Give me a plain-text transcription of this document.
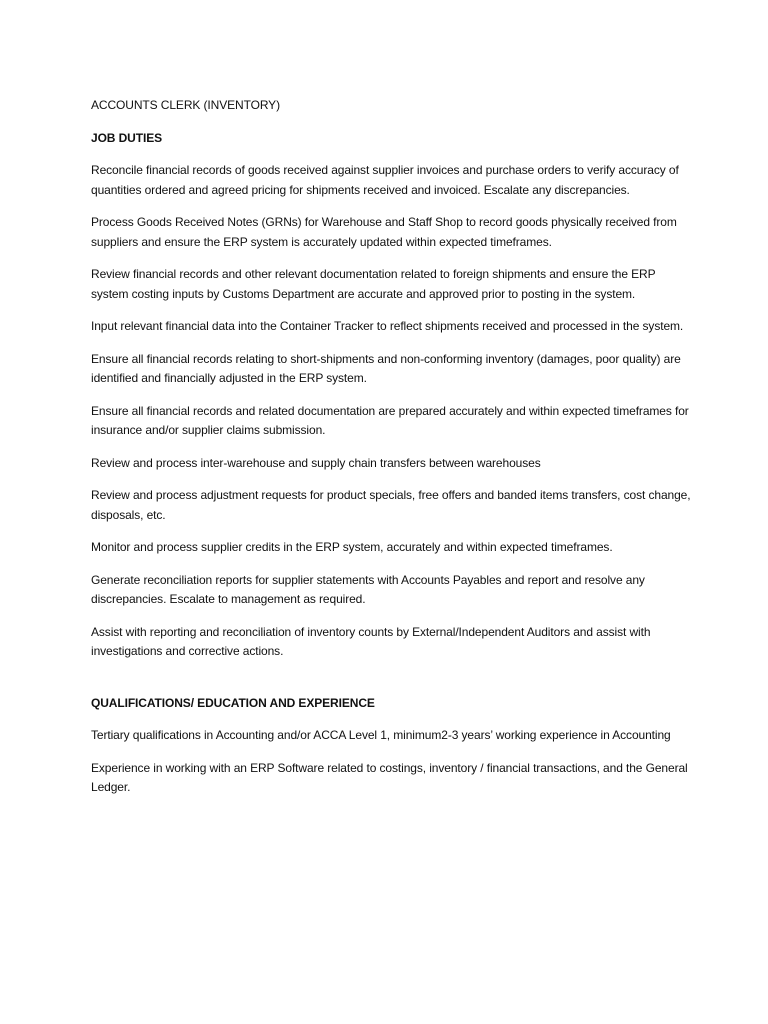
ACCOUNTS CLERK (INVENTORY)

JOB DUTIES

Reconcile financial records of goods received against supplier invoices and purchase orders to verify accuracy of quantities ordered and agreed pricing for shipments received and invoiced. Escalate any discrepancies.

Process Goods Received Notes (GRNs) for Warehouse and Staff Shop to record goods physically received from suppliers and ensure the ERP system is accurately updated within expected timeframes.

Review financial records and other relevant documentation related to foreign shipments and ensure the ERP system costing inputs by Customs Department are accurate and approved prior to posting in the system.

Input relevant financial data into the Container Tracker to reflect shipments received and processed in the system.

Ensure all financial records relating to short-shipments and non-conforming inventory (damages, poor quality) are identified and financially adjusted in the ERP system.

Ensure all financial records and related documentation are prepared accurately and within expected timeframes for insurance and/or supplier claims submission.

Review and process inter-warehouse and supply chain transfers between warehouses

Review and process adjustment requests for product specials, free offers and banded items transfers, cost change, disposals, etc.

Monitor and process supplier credits in the ERP system, accurately and within expected timeframes.

Generate reconciliation reports for supplier statements with Accounts Payables and report and resolve any discrepancies. Escalate to management as required.

Assist with reporting and reconciliation of inventory counts by External/Independent Auditors and assist with investigations and corrective actions.

QUALIFICATIONS/ EDUCATION AND EXPERIENCE

Tertiary qualifications in Accounting and/or ACCA Level 1, minimum2-3 years’ working experience in Accounting

Experience in working with an ERP Software related to costings, inventory / financial transactions, and the General Ledger.
